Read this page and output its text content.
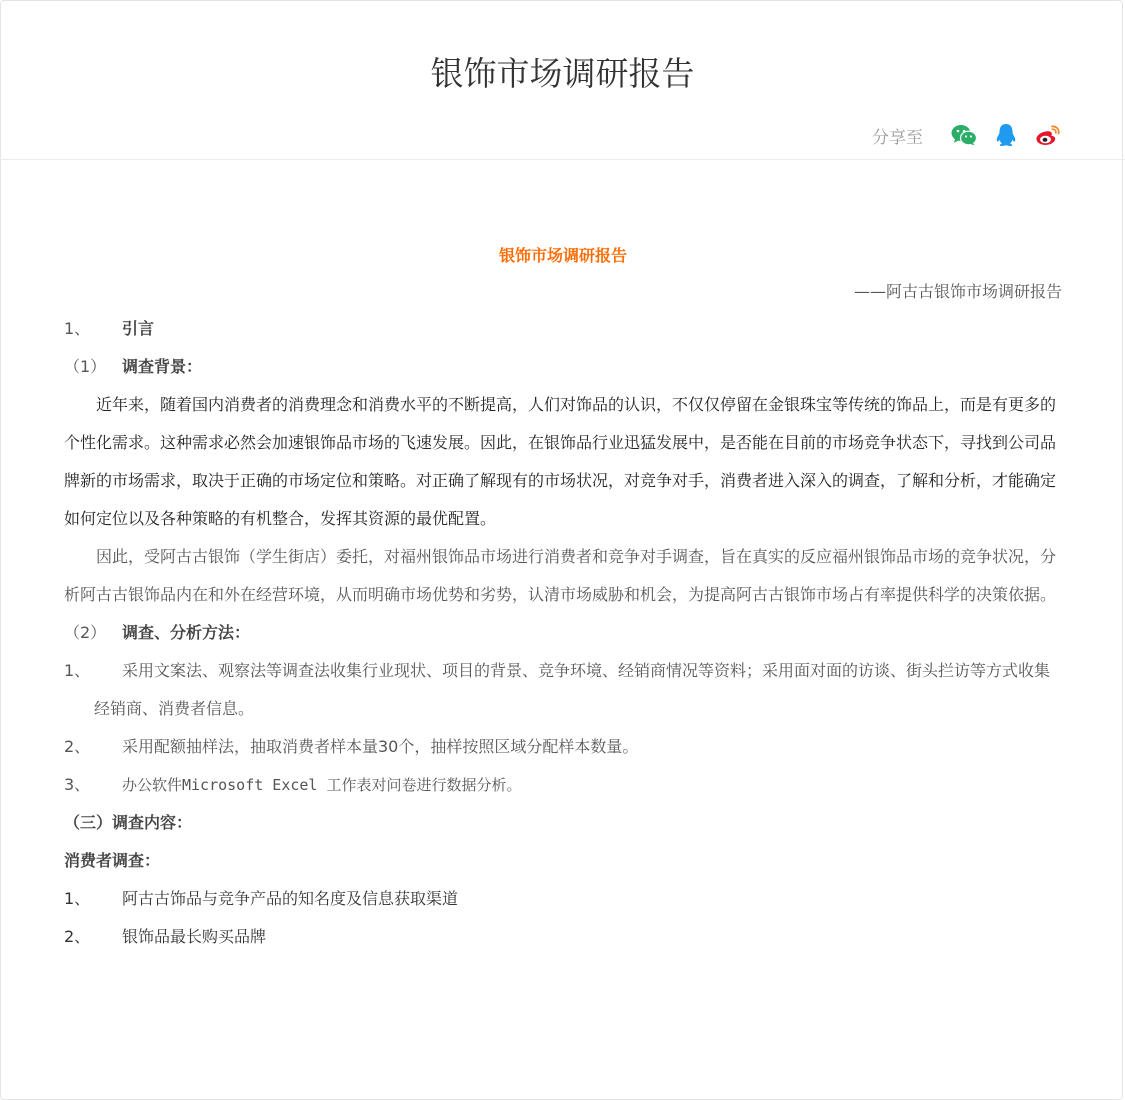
银饰市场调研报告
分享至
银饰市场调研报告
——阿古古银饰市场调研报告
1、 引言
（1） 调查背景：

近年来，随着国内消费者的消费理念和消费水平的不断提高，人们对饰品的认识，不仅仅停留在金银珠宝等传统的饰品上，而是有更多的个性化需求。这种需求必然会加速银饰品市场的飞速发展。因此，在银饰品行业迅猛发展中，是否能在目前的市场竞争状态下，寻找到公司品牌新的市场需求，取决于正确的市场定位和策略。对正确了解现有的市场状况，对竞争对手，消费者进入深入的调查，了解和分析，才能确定如何定位以及各种策略的有机整合，发挥其资源的最优配置。

因此，受阿古古银饰（学生街店）委托，对福州银饰品市场进行消费者和竞争对手调查，旨在真实的反应福州银饰品市场的竞争状况，分析阿古古银饰品内在和外在经营环境，从而明确市场优势和劣势，认清市场威胁和机会，为提高阿古古银饰市场占有率提供科学的决策依据。

（2） 调查、分析方法：
1、 采用文案法、观察法等调查法收集行业现状、项目的背景、竞争环境、经销商情况等资料；采用面对面的访谈、街头拦访等方式收集经销商、消费者信息。
2、 采用配额抽样法，抽取消费者样本量30个，抽样按照区域分配样本数量。
3、 办公软件Microsoft Excel 工作表对问卷进行数据分析。
（三）调查内容：
消费者调查：
1、 阿古古饰品与竞争产品的知名度及信息获取渠道
2、 银饰品最长购买品牌
